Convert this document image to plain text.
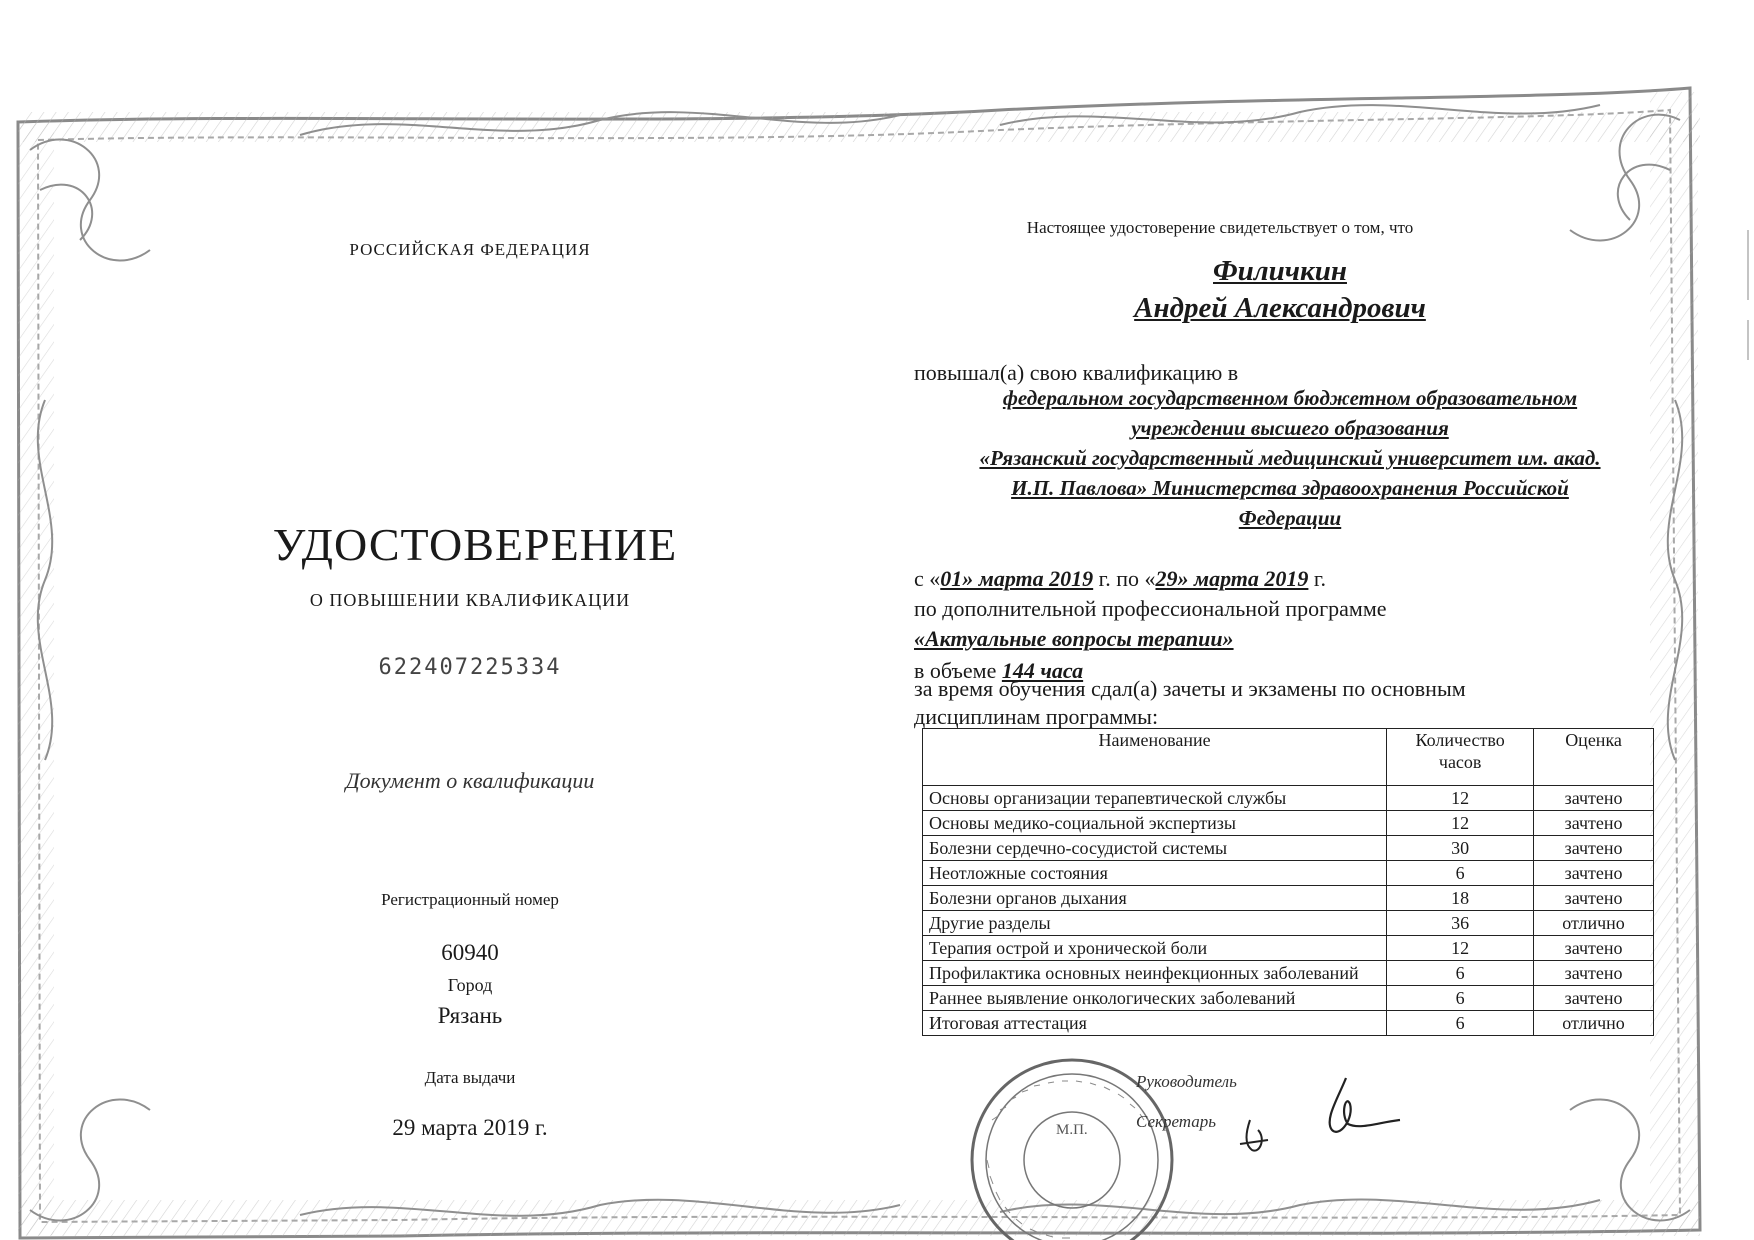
РОССИЙСКАЯ ФЕДЕРАЦИЯ
УДОСТОВЕРЕНИЕ
О ПОВЫШЕНИИ КВАЛИФИКАЦИИ
622407225334
Документ о квалификации
Регистрационный номер
60940
Город
Рязань
Дата выдачи
29 марта 2019 г.
Настоящее удостоверение свидетельствует о том, что
Филичкин
Андрей Александрович
повышал(а) свою квалификацию в
федеральном государственном бюджетном образовательном
учреждении высшего образования
«Рязанский государственный медицинский университет им. акад.
И.П. Павлова» Министерства здравоохранения Российской
Федерации
с «01» марта 2019 г. по «29» марта 2019 г.
по дополнительной профессиональной программе
«Актуальные вопросы терапии»
в объеме 144 часа
за время обучения сдал(а) зачеты и экзамены по основным
дисциплинам программы:
Наименование	Количество часов	Оценка
Основы организации терапевтической службы	12	зачтено
Основы медико-социальной экспертизы	12	зачтено
Болезни сердечно-сосудистой системы	30	зачтено
Неотложные состояния	6	зачтено
Болезни органов дыхания	18	зачтено
Другие разделы	36	отлично
Терапия острой и хронической боли	12	зачтено
Профилактика основных неинфекционных заболеваний	6	зачтено
Раннее выявление онкологических заболеваний	6	зачтено
Итоговая аттестация	6	отлично
М.П.
Руководитель
Секретарь
